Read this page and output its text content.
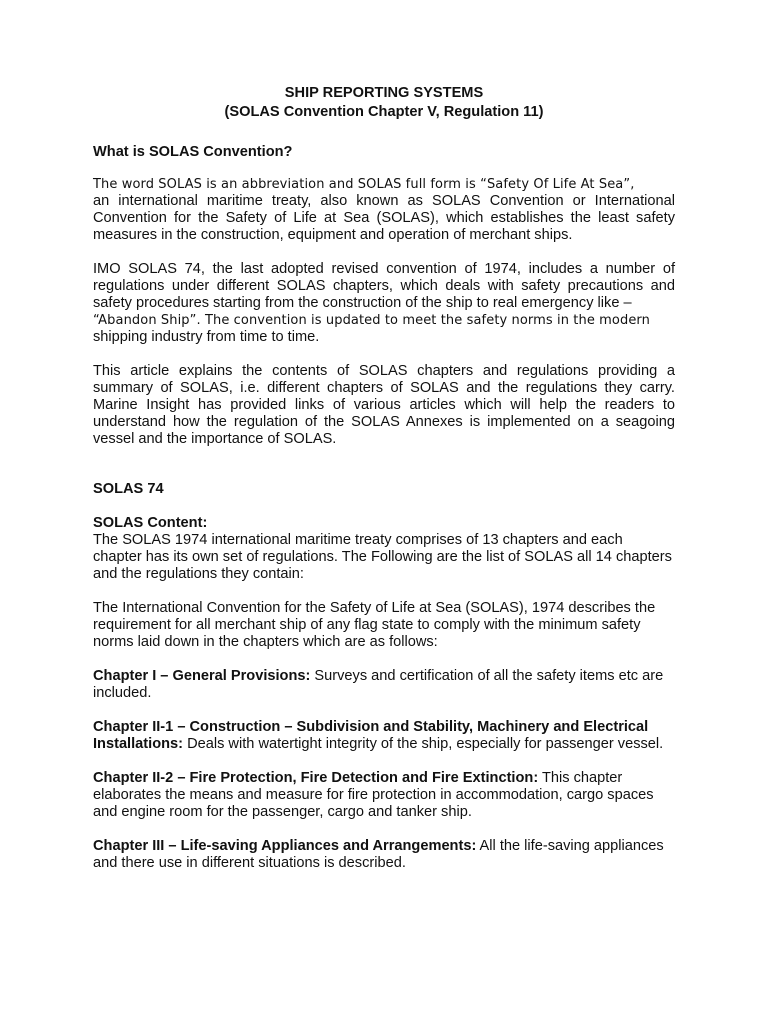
SHIP REPORTING SYSTEMS

(SOLAS Convention Chapter V, Regulation 11)

What is SOLAS Convention?

The word SOLAS is an abbreviation and SOLAS full form is “Safety Of Life At Sea”,

an international maritime treaty, also known as SOLAS Convention or International Convention for the Safety of Life at Sea (SOLAS), which establishes the least safety measures in the construction, equipment and operation of merchant ships.

IMO SOLAS 74, the last adopted revised convention of 1974, includes a number of regulations under different SOLAS chapters, which deals with safety precautions and safety procedures starting from the construction of the ship to real emergency like –

“Abandon Ship”. The convention is updated to meet the safety norms in the modern

shipping industry from time to time.

This article explains the contents of SOLAS chapters and regulations providing a summary of SOLAS, i.e. different chapters of SOLAS and the regulations they carry. Marine Insight has provided links of various articles which will help the readers to understand how the regulation of the SOLAS Annexes is implemented on a seagoing vessel and the importance of SOLAS.

SOLAS 74

SOLAS Content:

The SOLAS 1974 international maritime treaty comprises of 13 chapters and each chapter has its own set of regulations. The Following are the list of SOLAS all 14 chapters and the regulations they contain:

The International Convention for the Safety of Life at Sea (SOLAS), 1974 describes the requirement for all merchant ship of any flag state to comply with the minimum safety norms laid down in the chapters which are as follows:

Chapter I – General Provisions: Surveys and certification of all the safety items etc are included.

Chapter II-1 – Construction – Subdivision and Stability, Machinery and Electrical Installations: Deals with watertight integrity of the ship, especially for passenger vessel.

Chapter II-2 – Fire Protection, Fire Detection and Fire Extinction: This chapter elaborates the means and measure for fire protection in accommodation, cargo spaces and engine room for the passenger, cargo and tanker ship.

Chapter III – Life-saving Appliances and Arrangements: All the life-saving appliances and there use in different situations is described.
